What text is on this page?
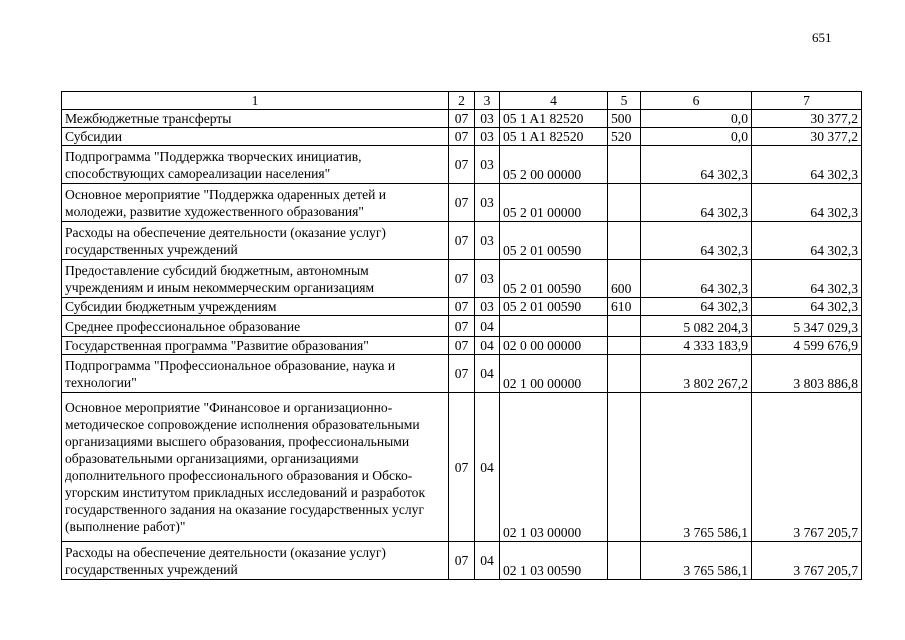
651
1	2	3	4	5	6	7
Межбюджетные трансферты	07	03	05 1 A1 82520	500	0,0	30 377,2
Субсидии	07	03	05 1 A1 82520	520	0,0	30 377,2
Подпрограмма "Поддержка творческих инициатив, способствующих самореализации населения"	07	03	05 2 00 00000		64 302,3	64 302,3
Основное мероприятие "Поддержка одаренных детей и молодежи, развитие художественного образования"	07	03	05 2 01 00000		64 302,3	64 302,3
Расходы на обеспечение деятельности (оказание услуг) государственных учреждений	07	03	05 2 01 00590		64 302,3	64 302,3
Предоставление субсидий бюджетным, автономным учреждениям и иным некоммерческим организациям	07	03	05 2 01 00590	600	64 302,3	64 302,3
Субсидии бюджетным учреждениям	07	03	05 2 01 00590	610	64 302,3	64 302,3
Среднее профессиональное образование	07	04			5 082 204,3	5 347 029,3
Государственная программа "Развитие образования"	07	04	02 0 00 00000		4 333 183,9	4 599 676,9
Подпрограмма "Профессиональное образование, наука и технологии"	07	04	02 1 00 00000		3 802 267,2	3 803 886,8
Основное мероприятие "Финансовое и организационно-методическое сопровождение исполнения образовательными организациями высшего образования, профессиональными образовательными организациями, организациями дополнительного профессионального образования и Обско-угорским институтом прикладных исследований и разработок государственного задания на оказание государственных услуг (выполнение работ)"	07	04	02 1 03 00000		3 765 586,1	3 767 205,7
Расходы на обеспечение деятельности (оказание услуг) государственных учреждений	07	04	02 1 03 00590		3 765 586,1	3 767 205,7
